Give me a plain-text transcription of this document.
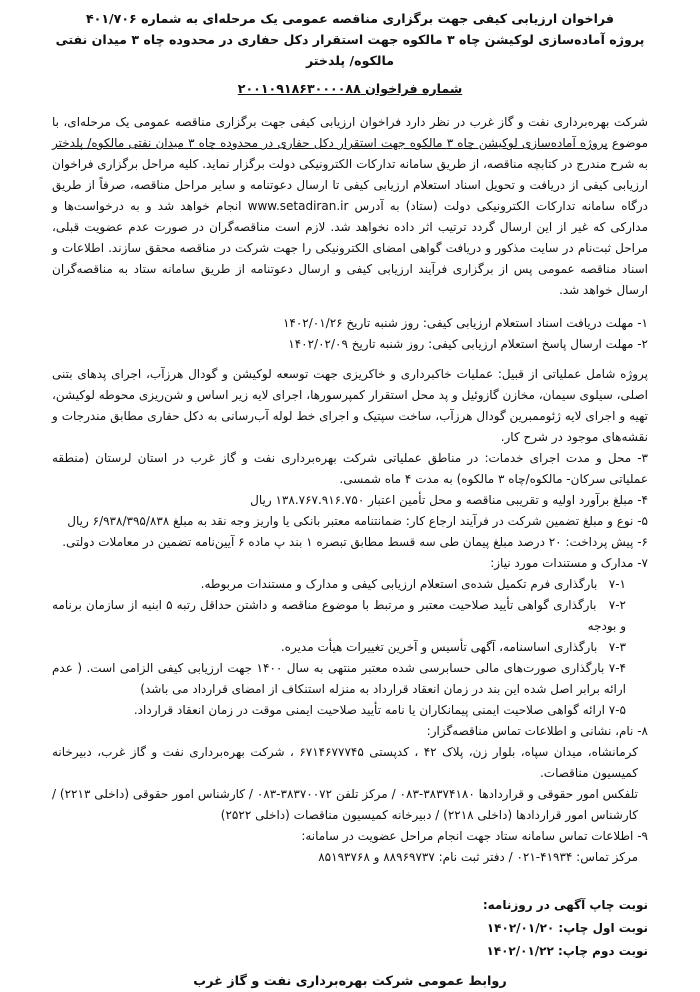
فراخوان ارزیابی کیفی جهت برگزاری مناقصه عمومی یک مرحله‌ای به شماره ۴۰۱/۷۰۶

پروژه آماده‌سازی لوکیشن چاه ۳ مالکوه جهت استقرار دکل حفاری در محدوده چاه ۳ میدان نفتی مالکوه/ پلدختر

شماره فراخوان ۲۰۰۱۰۹۱۸۶۳۰۰۰۰۸۸

شرکت بهره‌برداری نفت و گاز غرب در نظر دارد فراخوان ارزیابی کیفی جهت برگزاری مناقصه عمومی یک مرحله‌ای، با موضوع پروژه آماده‌سازی لوکیشن چاه ۳ مالکوه جهت استقرار دکل حفاری در محدوده چاه ۳ میدان نفتی مالکوه/ پلدختر به شرح مندرج در کتابچه مناقصه، از طریق سامانه تدارکات الکترونیکی دولت برگزار نماید. کلیه مراحل برگزاری فراخوان ارزیابی کیفی از دریافت و تحویل اسناد استعلام ارزیابی کیفی تا ارسال دعوتنامه و سایر مراحل مناقصه، صرفاً از طریق درگاه سامانه تدارکات الکترونیکی دولت (ستاد) به آدرس www.setadiran.ir انجام خواهد شد و به درخواست‌ها و مدارکی که غیر از این ارسال گردد ترتیب اثر داده نخواهد شد. لازم است مناقصه‌گران در صورت عدم عضویت قبلی، مراحل ثبت‌نام در سایت مذکور و دریافت گواهی امضای الکترونیکی را جهت شرکت در مناقصه محقق سازند. اطلاعات و اسناد مناقصه عمومی پس از برگزاری فرآیند ارزیابی کیفی و ارسال دعوتنامه از طریق سامانه ستاد به مناقصه‌گران ارسال خواهد شد.

۱- مهلت دریافت اسناد استعلام ارزیابی کیفی: روز شنبه تاریخ ۱۴۰۲/۰۱/۲۶

۲- مهلت ارسال پاسخ استعلام ارزیابی کیفی: روز شنبه تاریخ ۱۴۰۲/۰۲/۰۹

پروژه شامل عملیاتی از قبیل: عملیات خاکبرداری و خاکریزی جهت توسعه لوکیشن و گودال هرزآب، اجرای پدهای بتنی اصلی، سیلوی سیمان، مخازن گازوئیل و پد محل استقرار کمپرسورها، اجرای لایه زیر اساس و شن‌ریزی محوطه لوکیشن، تهیه و اجرای لایه ژئوممبرین گودال هرزآب، ساخت سپتیک و اجرای خط لوله آب‌رسانی به دکل حفاری مطابق مندرجات و نقشه‌های موجود در شرح کار.

۳- محل و مدت اجرای خدمات: در مناطق عملیاتی شرکت بهره‌برداری نفت و گاز غرب در استان لرستان (منطقه عملیاتی سرکان- مالکوه/چاه ۳ مالکوه) به مدت ۴ ماه شمسی.

۴- مبلغ برآورد اولیه و تقریبی مناقصه و محل تأمین اعتبار ۱۳۸.۷۶۷.۹۱۶.۷۵۰ ریال

۵- نوع و مبلغ تضمین شرکت در فرآیند ارجاع کار: ضمانتنامه معتبر بانکی یا واریز وجه نقد به مبلغ ۶/۹۳۸/۳۹۵/۸۳۸ ریال

۶- پیش پرداخت: ۲۰ درصد مبلغ پیمان طی سه قسط مطابق تبصره ۱ بند پ ماده ۶ آیین‌نامه تضمین در معاملات دولتی.

۷- مدارک و مستندات مورد نیاز:

۷‎-‎۱   بارگذاری فرم تکمیل شده‌ی استعلام ارزیابی کیفی و مدارک و مستندات مربوطه.

۷‎-‎۲   بارگذاری گواهی تأیید صلاحیت معتبر و مرتبط با موضوع مناقصه و داشتن حداقل رتبه ۵ ابنیه از سازمان برنامه و بودجه

۷‎-‎۳   بارگذاری اساسنامه، آگهی تأسیس و آخرین تغییرات هیأت مدیره.

۷‎-‎۴ بارگذاری صورت‌های مالی حسابرسی شده معتبر منتهی به سال ۱۴۰۰ جهت ارزیابی کیفی الزامی است. ( عدم ارائه برابر اصل شده این بند در زمان انعقاد قرارداد به منزله استنکاف از امضای قرارداد می باشد)

۷‎-‎۵ ارائه گواهی صلاحیت ایمنی پیمانکاران یا نامه تأیید صلاحیت ایمنی موقت در زمان انعقاد قرارداد.

۸- نام، نشانی و اطلاعات تماس مناقصه‌گزار:

کرمانشاه، میدان سپاه، بلوار زن، پلاک ۴۲ ، کدپستی ۶۷۱۴۶۷۷۷۴۵ ، شرکت بهره‌برداری نفت و گاز غرب، دبیرخانه کمیسیون مناقصات.

تلفکس امور حقوقی و قراردادها ۰۸۳‎-‎۳۸۳۷۴۱۸۰ / مرکز تلفن ۰۸۳‎-‎۳۸۳۷۰۰۷۲ / کارشناس امور حقوقی (داخلی ۲۲۱۳) / کارشناس امور قراردادها (داخلی ۲۲۱۸) / دبیرخانه کمیسیون مناقصات (داخلی ۲۵۲۲)

۹- اطلاعات تماس سامانه ستاد جهت انجام مراحل عضویت در سامانه:

مرکز تماس: ۰۲۱‎-‎۴۱۹۳۴ / دفتر ثبت نام: ۸۸۹۶۹۷۳۷ و ۸۵۱۹۳۷۶۸

نوبت چاپ آگهی در روزنامه:

نوبت اول چاپ: ۱۴۰۲/۰۱/۲۰

نوبت دوم چاپ: ۱۴۰۲/۰۱/۲۲

روابط عمومی شرکت بهره‌برداری نفت و گاز غرب
